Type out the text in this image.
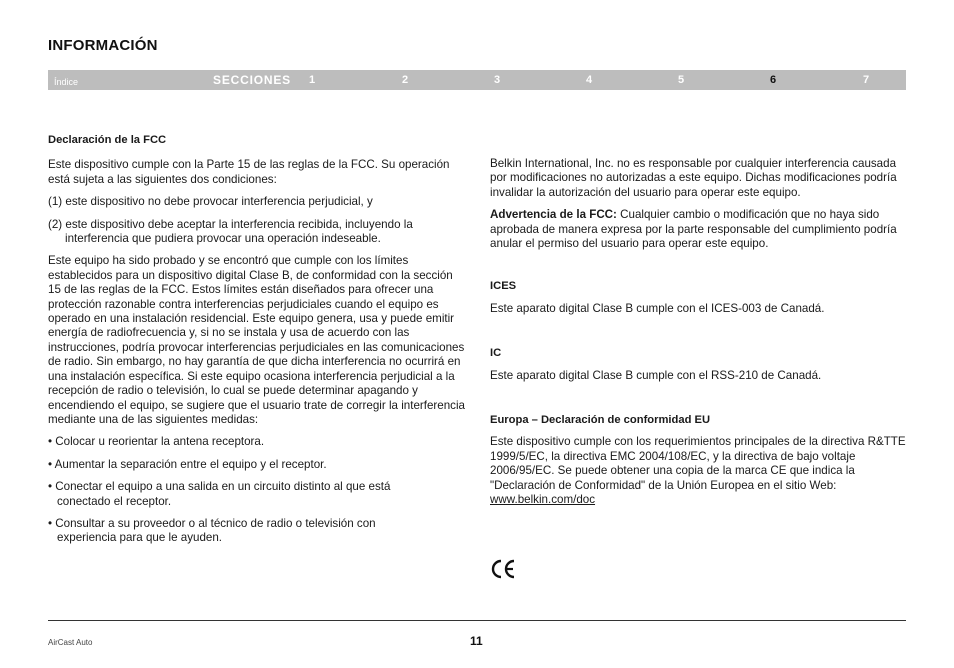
INFORMACIÓN
Índice	SECCIONES 1	2	3	4	5	6	7

Declaración de la FCC

Este dispositivo cumple con la Parte 15 de las reglas de la FCC. Su operación está sujeta a las siguientes dos condiciones:

(1) este dispositivo no debe provocar interferencia perjudicial, y

(2) este dispositivo debe aceptar la interferencia recibida, incluyendo la interferencia que pudiera provocar una operación indeseable.

Este equipo ha sido probado y se encontró que cumple con los límites establecidos para un dispositivo digital Clase B, de conformidad con la sección 15 de las reglas de la FCC. Estos límites están diseñados para ofrecer una protección razonable contra interferencias perjudiciales cuando el equipo es operado en una instalación residencial. Este equipo genera, usa y puede emitir energía de radiofrecuencia y, si no se instala y usa de acuerdo con las instrucciones, podría provocar interferencias perjudiciales en las comunicaciones de radio. Sin embargo, no hay garantía de que dicha interferencia no ocurrirá en una instalación específica. Si este equipo ocasiona interferencia perjudicial a la recepción de radio o televisión, lo cual se puede determinar apagando y encendiendo el equipo, se sugiere que el usuario trate de corregir la interferencia mediante una de las siguientes medidas:

• Colocar u reorientar la antena receptora.

• Aumentar la separación entre el equipo y el receptor.

• Conectar el equipo a una salida en un circuito distinto al que está conectado el receptor.

• Consultar a su proveedor o al técnico de radio o televisión con experiencia para que le ayuden.

Belkin International, Inc. no es responsable por cualquier interferencia causada por modificaciones no autorizadas a este equipo. Dichas modificaciones podría invalidar la autorización del usuario para operar este equipo.

Advertencia de la FCC: Cualquier cambio o modificación que no haya sido aprobada de manera expresa por la parte responsable del cumplimiento podría anular el permiso del usuario para operar este equipo.

ICES

Este aparato digital Clase B cumple con el ICES-003 de Canadá.

IC

Este aparato digital Clase B cumple con el RSS-210 de Canadá.

Europa – Declaración de conformidad EU

Este dispositivo cumple con los requerimientos principales de la directiva R&TTE 1999/5/EC, la directiva EMC 2004/108/EC, y la directiva de bajo voltaje 2006/95/EC. Se puede obtener una copia de la marca CE que indica la "Declaración de Conformidad" de la Unión Europea en el sitio Web: www.belkin.com/doc

AirCast Auto	11
